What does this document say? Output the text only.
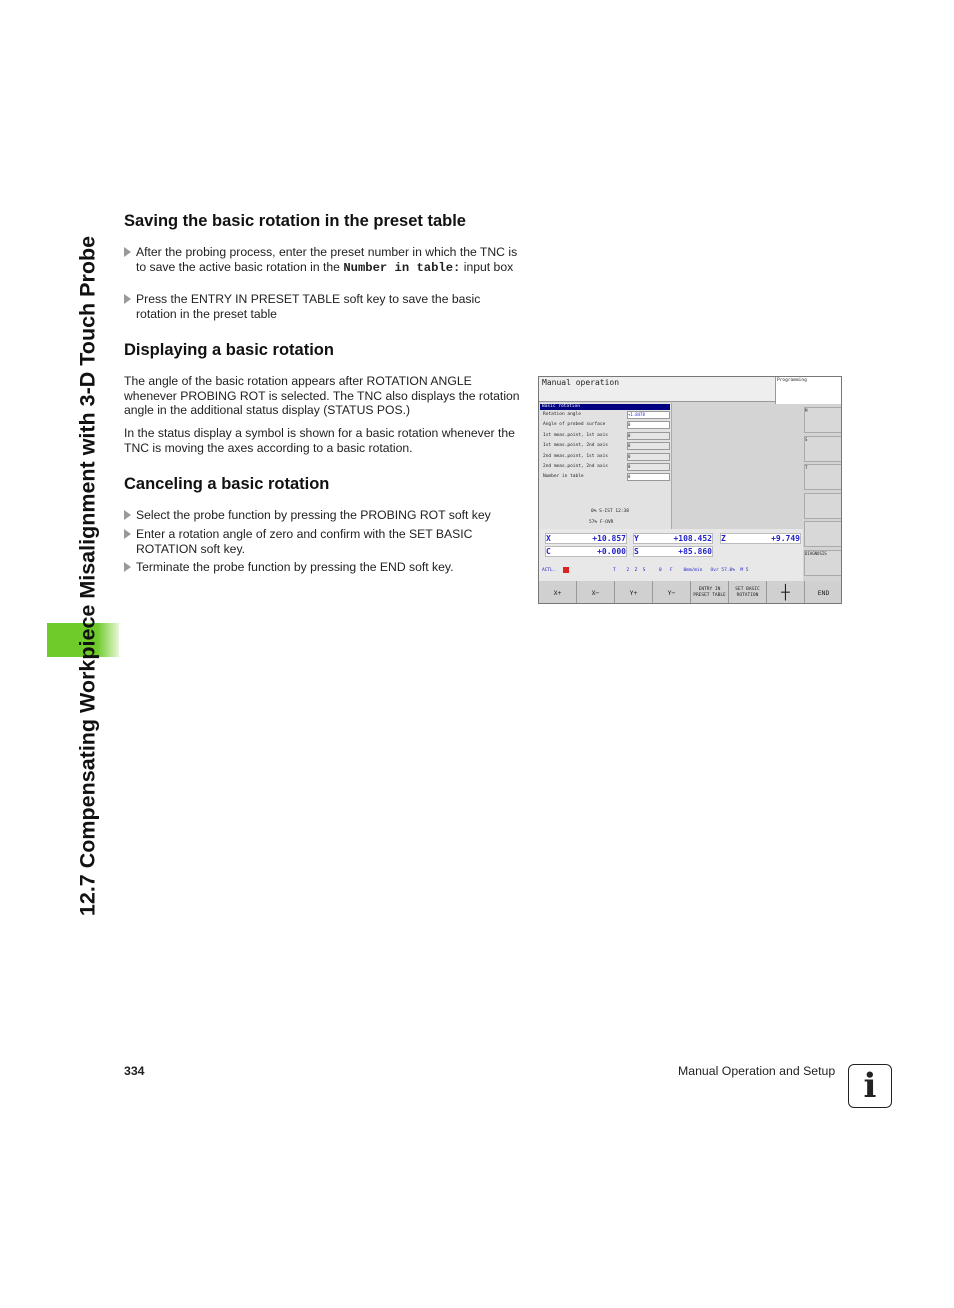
12.7 Compensating Workpiece Misalignment with 3-D Touch Probe
Saving the basic rotation in the preset table
After the probing process, enter the preset number in which the TNC is to save the active basic rotation in the Number in table: input box
Press the ENTRY IN PRESET TABLE soft key to save the basic rotation in the preset table
Displaying a basic rotation
The angle of the basic rotation appears after ROTATION ANGLE whenever PROBING ROT is selected. The TNC also displays the rotation angle in the additional status display (STATUS POS.)
In the status display a symbol is shown for a basic rotation whenever the TNC is moving the axes according to a basic rotation.
Canceling a basic rotation
Select the probe function by pressing the PROBING ROT soft key
Enter a rotation angle of zero and confirm with the SET BASIC ROTATION soft key.
Terminate the probe function by pressing the END soft key.
Manual operation	Programming
Basic rotation
Rotation angle	+1.8478
Angle of probed surface	0
1st meas.point, 1st axis	0
1st meas.point, 2nd axis	0
2nd meas.point, 1st axis	0
2nd meas.point, 2nd axis	0
Number in table	0
0% S-IST 12:38
57% F-OVR
X	+10.857 Y	+108.452 Z	+9.749
C	+0.000 S	+85.860
ACTL.	T    2  Z  S     0   F    0mm/min   Ovr 57.0%  M 5
M
S
T
DIAGNOSIS
X+	X−	Y+	Y−	ENTRY IN PRESET TABLE
SET BASIC ROTATION	┼	END
334	Manual Operation and Setup i
